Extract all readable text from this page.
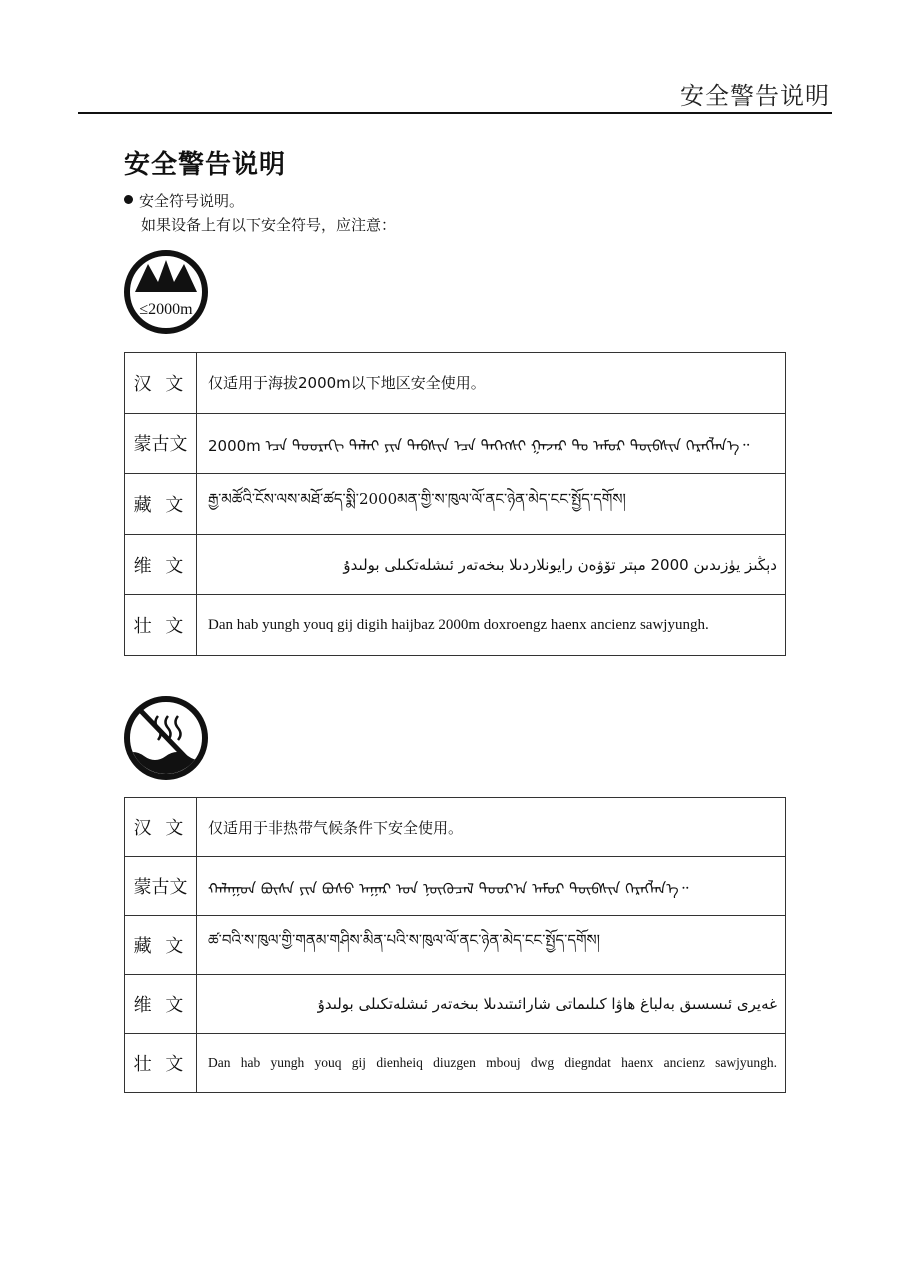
安全警告说明
安全警告说明
安全符号说明。
如果设备上有以下安全符号，应注意：
≤2000m
汉 文	仅适用于海拔2000m以下地区安全使用。
蒙古文	2000m ᠡᠴᠡ ᠳᠣᠣᠷᠠᠬᠢ ᠳᠠᠯᠠᠢ ᠶᠢᠨ ᠲᠡᠪᠰᠢᠨ ᠡᠴᠡ ᠳᠡᠭᠡᠭᠰᠢ ᠭᠠᠵᠠᠷ ᠲᠤ ᠠᠮᠤᠷ ᠲᠦᠪᠰᠢᠨ ᠬᠡᠷᠡᠭᠯᠡᠨ᠎ᠡ᠃
藏 文	རྒྱ་མཚོའི་ངོས་ལས་མཐོ་ཚད་སྨི་2000མན་གྱི་ས་ཁུལ་ལོ་ནང་ཉེན་མེད་ངང་སྤྱོད་དགོས།
维 文	دېڭىز يۈزىدىن 2000 مېتر تۆۋەن رايونلاردىلا بىخەتەر ئىشلەتكىلى بولىدۇ
壮 文	Dan hab yungh youq gij digih haijbaz 2000m doxroengz haenx ancienz sawjyungh.
汉 文	仅适用于非热带气候条件下安全使用。
蒙古文	ᠬᠠᠯᠠᠭᠤᠨ ᠪᠦᠰᠡ ᠶᠢᠨ ᠪᠤᠰᠤ ᠠᠭᠠᠷ ᠤᠨ ᠨᠥᠬᠥᠴᠡᠯ ᠳᠣᠣᠷ᠎ᠠ ᠠᠮᠤᠷ ᠲᠦᠪᠰᠢᠨ ᠬᠡᠷᠡᠭᠯᠡᠨ᠎ᠡ᠃
藏 文	ཚ་བའི་ས་ཁུལ་གྱི་གནམ་གཤིས་མིན་པའི་ས་ཁུལ་ལོ་ནང་ཉེན་མེད་ངང་སྤྱོད་དགོས།
维 文	غەيرى ئىسسىق بەلباغ ھاۋا كىلىماتى شارائىتىدىلا بىخەتەر ئىشلەتكىلى بولىدۇ
壮 文	Dan hab yungh youq gij dienheiq diuzgen mbouj dwg diegndat haenx ancienz sawjyungh.
